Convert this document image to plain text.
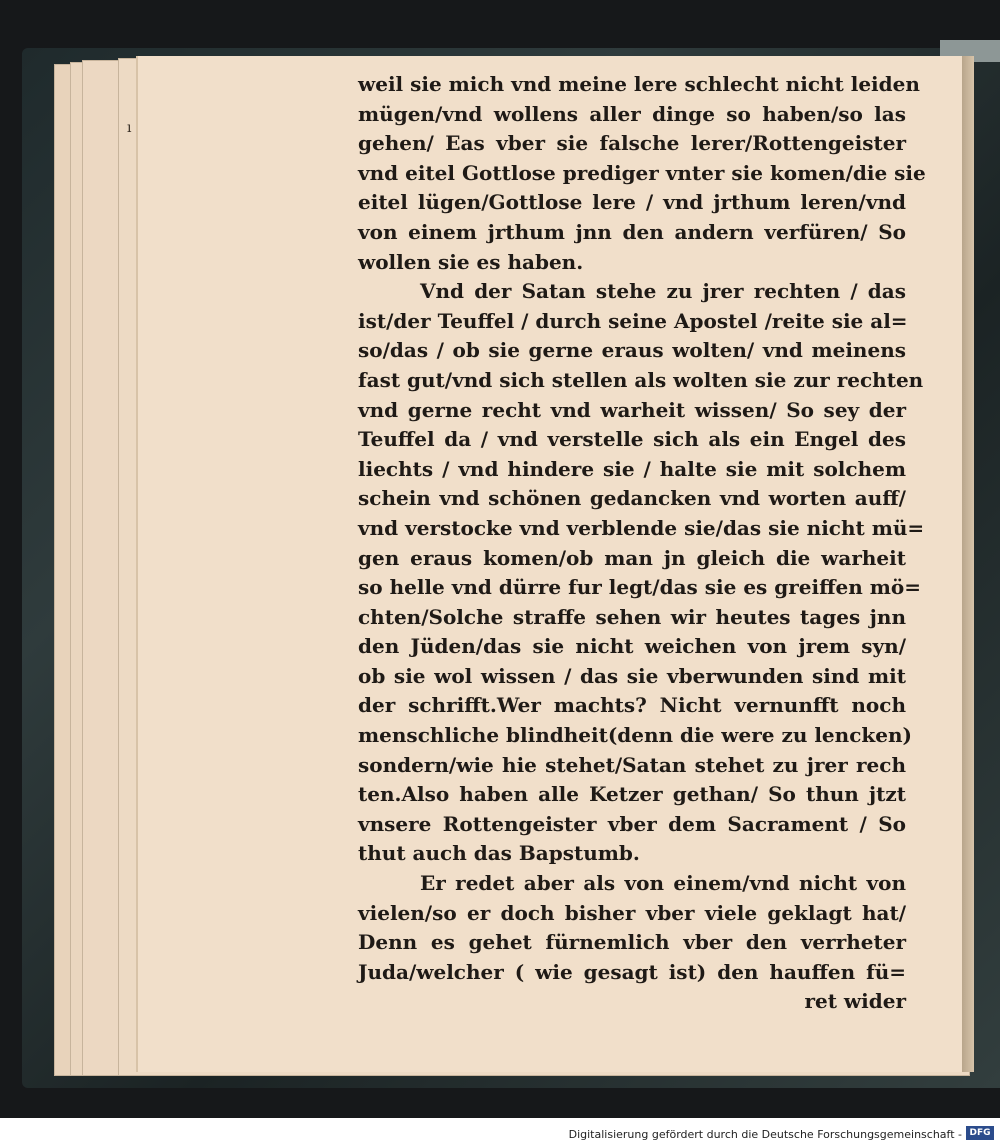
ı
weil sie mich vnd meine lere schlecht nicht leiden
mügen/vnd wollens aller dinge so haben/so las
gehen/ Eas vber sie falsche lerer/Rottengeister
vnd eitel Gottlose prediger vnter sie komen/die sie
eitel lügen/Gottlose lere / vnd jrthum leren/vnd
von einem jrthum jnn den andern verfüren/ So
wollen sie es haben.
Vnd der Satan stehe zu jrer rechten / das
ist/der Teuffel / durch seine Apostel /reite sie al=
so/das / ob sie gerne eraus wolten/ vnd meinens
fast gut/vnd sich stellen als wolten sie zur rechten
vnd gerne recht vnd warheit wissen/ So sey der
Teuffel da / vnd verstelle sich als ein Engel des
liechts / vnd hindere sie / halte sie mit solchem
schein vnd schönen gedancken vnd worten auff/
vnd verstocke vnd verblende sie/das sie nicht mü=
gen eraus komen/ob man jn gleich die warheit
so helle vnd dürre fur legt/das sie es greiffen mö=
chten/Solche straffe sehen wir heutes tages jnn
den Jüden/das sie nicht weichen von jrem syn/
ob sie wol wissen / das sie vberwunden sind mit
der schrifft.Wer machts? Nicht vernunfft noch
menschliche blindheit(denn die were zu lencken)
sondern/wie hie stehet/Satan stehet zu jrer rech
ten.Also haben alle Ketzer gethan/ So thun jtzt
vnsere Rottengeister vber dem Sacrament / So
thut auch das Bapstumb.
Er redet aber als von einem/vnd nicht von
vielen/so er doch bisher vber viele geklagt hat/
Denn es gehet fürnemlich vber den verrheter
Juda/welcher ( wie gesagt ist) den hauffen fü=
ret wider
Digitalisierung gefördert durch die Deutsche Forschungsgemeinschaft - DFG
